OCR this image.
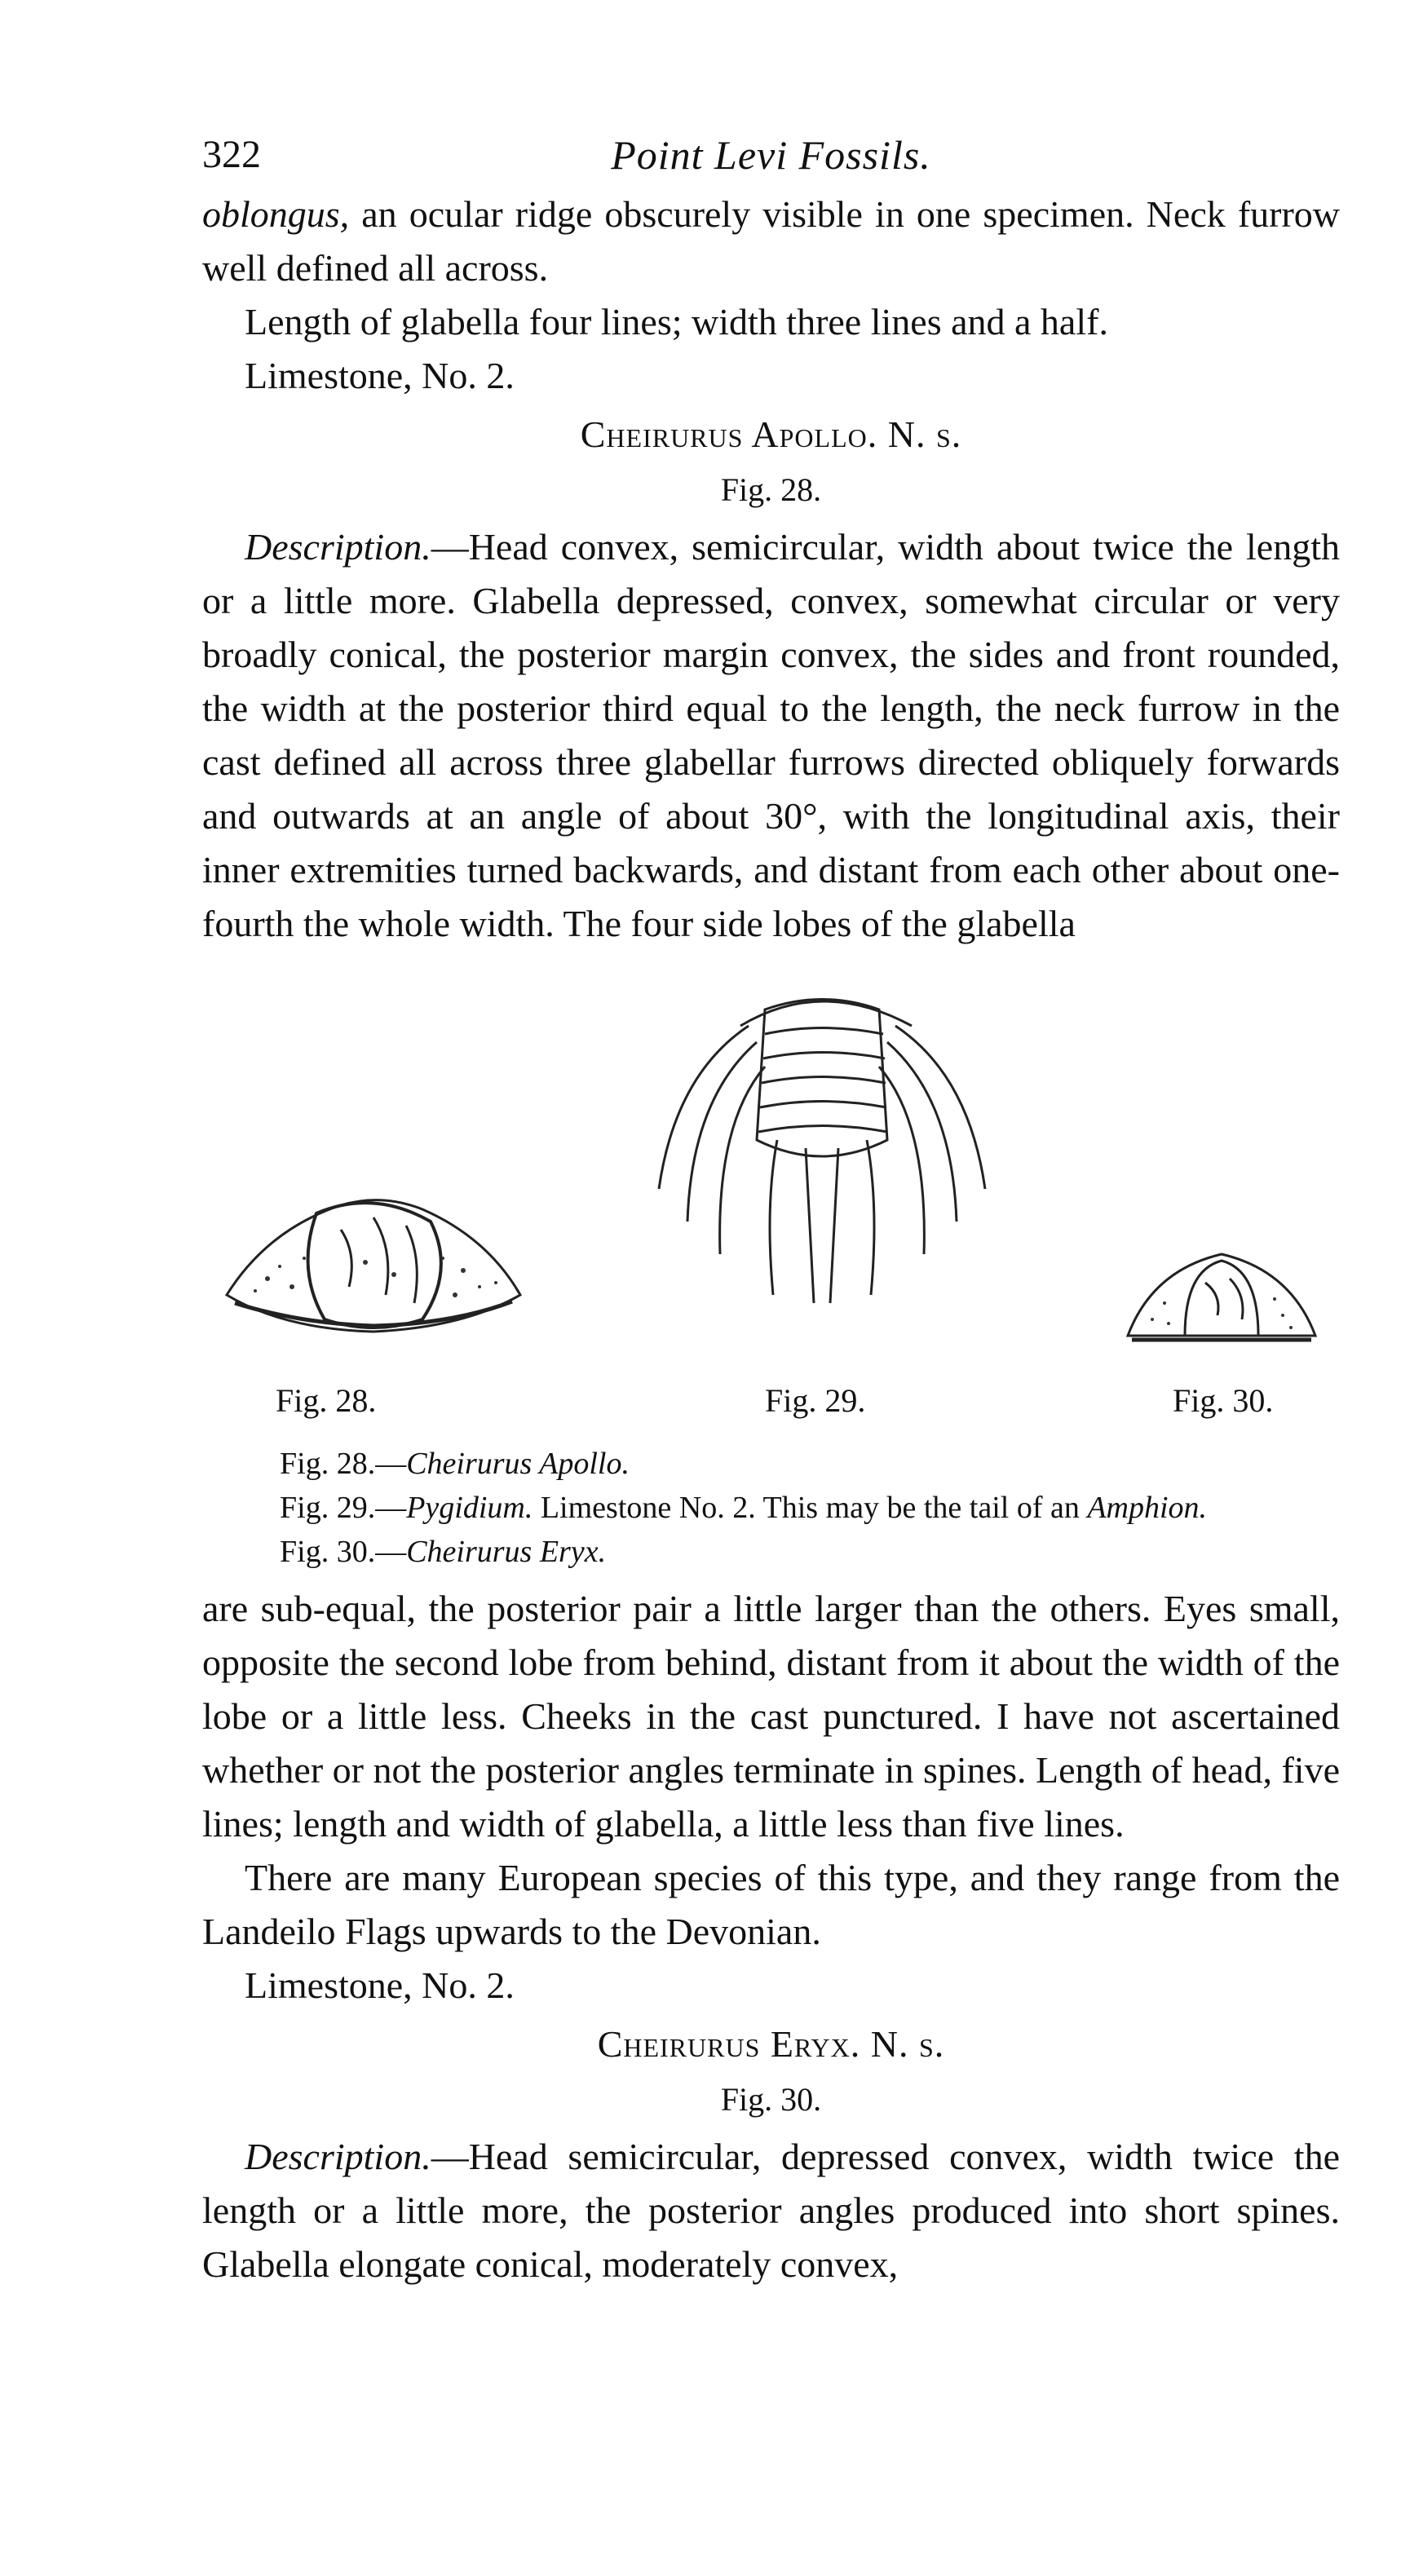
322	Point Levi Fossils.

oblongus, an ocular ridge obscurely visible in one specimen. Neck furrow well defined all across.

Length of glabella four lines; width three lines and a half.

Limestone, No. 2.

Cheirurus Apollo. N. s.

Fig. 28.

Description.—Head convex, semicircular, width about twice the length or a little more. Glabella depressed, convex, somewhat circular or very broadly conical, the posterior margin convex, the sides and front rounded, the width at the posterior third equal to the length, the neck furrow in the cast defined all across three glabellar furrows directed obliquely forwards and outwards at an angle of about 30°, with the longitudinal axis, their inner extremities turned backwards, and distant from each other about one-fourth the whole width. The four side lobes of the glabella

Fig. 28.	Fig. 29.	Fig. 30.

Fig. 28.—Cheirurus Apollo.

Fig. 29.—Pygidium. Limestone No. 2. This may be the tail of an Amphion.

Fig. 30.—Cheirurus Eryx.

are sub-equal, the posterior pair a little larger than the others. Eyes small, opposite the second lobe from behind, distant from it about the width of the lobe or a little less. Cheeks in the cast punctured. I have not ascertained whether or not the posterior angles terminate in spines. Length of head, five lines; length and width of glabella, a little less than five lines.

There are many European species of this type, and they range from the Landeilo Flags upwards to the Devonian.

Limestone, No. 2.

Cheirurus Eryx. N. s.

Fig. 30.

Description.—Head semicircular, depressed convex, width twice the length or a little more, the posterior angles produced into short spines. Glabella elongate conical, moderately convex,
